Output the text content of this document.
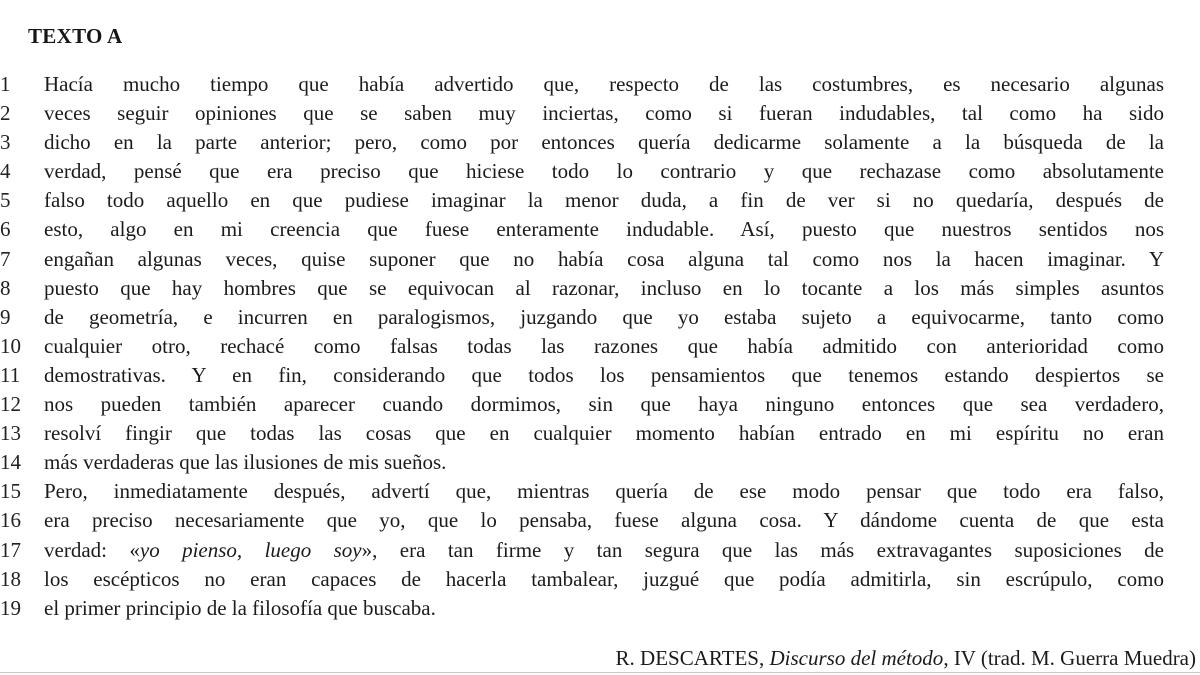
TEXTO A
1	Hacía mucho tiempo que había advertido que, respecto de las costumbres, es necesario algunas
2	veces seguir opiniones que se saben muy inciertas, como si fueran indudables, tal como ha sido
3	dicho en la parte anterior; pero, como por entonces quería dedicarme solamente a la búsqueda de la
4	verdad, pensé que era preciso que hiciese todo lo contrario y que rechazase como absolutamente
5	falso todo aquello en que pudiese imaginar la menor duda, a fin de ver si no quedaría, después de
6	esto, algo en mi creencia que fuese enteramente indudable. Así, puesto que nuestros sentidos nos
7	engañan algunas veces, quise suponer que no había cosa alguna tal como nos la hacen imaginar. Y
8	puesto que hay hombres que se equivocan al razonar, incluso en lo tocante a los más simples asuntos
9	de geometría, e incurren en paralogismos, juzgando que yo estaba sujeto a equivocarme, tanto como
10	cualquier otro, rechacé como falsas todas las razones que había admitido con anterioridad como
11	demostrativas. Y en fin, considerando que todos los pensamientos que tenemos estando despiertos se
12	nos pueden también aparecer cuando dormimos, sin que haya ninguno entonces que sea verdadero,
13	resolví fingir que todas las cosas que en cualquier momento habían entrado en mi espíritu no eran
14	más verdaderas que las ilusiones de mis sueños.
15	Pero, inmediatamente después, advertí que, mientras quería de ese modo pensar que todo era falso,
16	era preciso necesariamente que yo, que lo pensaba, fuese alguna cosa. Y dándome cuenta de que esta
17	verdad: «yo pienso, luego soy», era tan firme y tan segura que las más extravagantes suposiciones de
18	los escépticos no eran capaces de hacerla tambalear, juzgué que podía admitirla, sin escrúpulo, como
19	el primer principio de la filosofía que buscaba.
R. DESCARTES, Discurso del método, IV (trad. M. Guerra Muedra)
